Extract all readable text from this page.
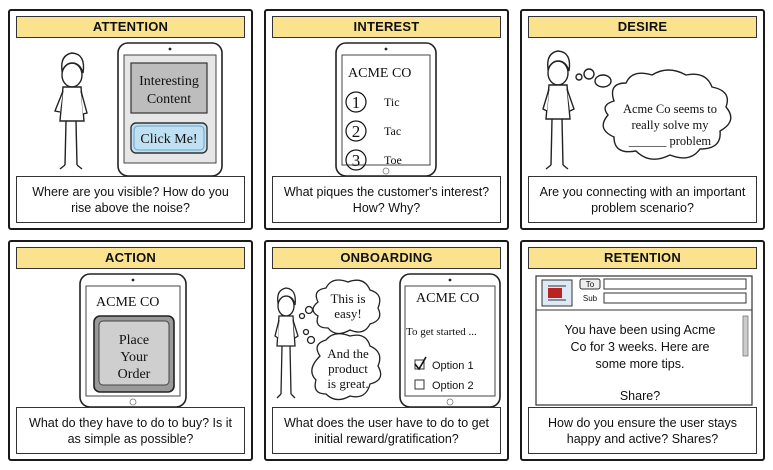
ATTENTION
Interesting
Content
Click Me!
Where are you visible? How do you rise above the noise?
INTEREST
ACME CO
1
2
3
Tic
Tac
Toe
What piques the customer's interest? How? Why?
DESIRE
Acme Co seems to
really solve my
______ problem
Are you connecting with an important problem scenario?
ACTION
ACME CO
Place
Your
Order
What do they have to do to buy? Is it as simple as possible?
ONBOARDING
This is
easy!
And the
product
is great.
ACME CO
To get started ...
Option 1
Option 2
What does the user have to do to get initial reward/gratification?
RETENTION
To
Sub
You have been using Acme
Co for 3 weeks. Here are
some more tips.
Share?
How do you ensure the user stays happy and active? Shares?
